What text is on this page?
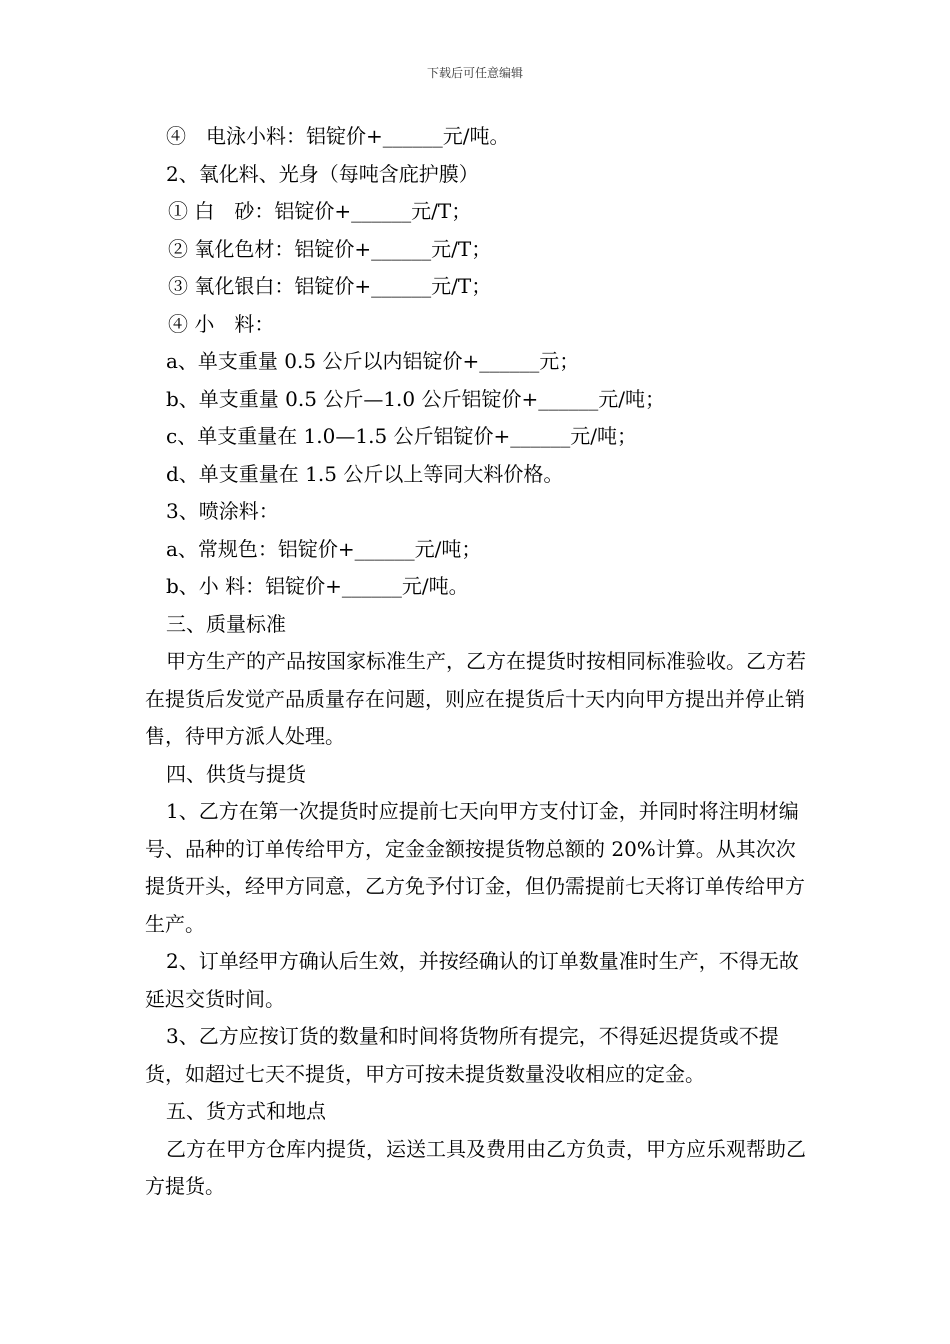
下载后可任意编辑
④　电泳小料：铝锭价+______元/吨。
2、氧化料、光身（每吨含庇护膜）
① 白　砂：铝锭价+______元/T；
② 氧化色材：铝锭价+______元/T；
③ 氧化银白：铝锭价+______元/T；
④ 小　料：
a、单支重量 0.5 公斤以内铝锭价+______元；
b、单支重量 0.5 公斤—1.0 公斤铝锭价+______元/吨；
c、单支重量在 1.0—1.5 公斤铝锭价+______元/吨；
d、单支重量在 1.5 公斤以上等同大料价格。
3、喷涂料：
a、常规色：铝锭价+______元/吨；
b、小 料：铝锭价+______元/吨。
三、质量标准
甲方生产的产品按国家标准生产，乙方在提货时按相同标准验收。乙方若在提货后发觉产品质量存在问题，则应在提货后十天内向甲方提出并停止销售，待甲方派人处理。
四、供货与提货
1、乙方在第一次提货时应提前七天向甲方支付订金，并同时将注明材编号、品种的订单传给甲方，定金金额按提货物总额的 20%计算。从其次次提货开头，经甲方同意，乙方免予付订金，但仍需提前七天将订单传给甲方生产。
2、订单经甲方确认后生效，并按经确认的订单数量准时生产，不得无故延迟交货时间。
3、乙方应按订货的数量和时间将货物所有提完，不得延迟提货或不提货，如超过七天不提货，甲方可按未提货数量没收相应的定金。
五、货方式和地点
乙方在甲方仓库内提货，运送工具及费用由乙方负责，甲方应乐观帮助乙方提货。
